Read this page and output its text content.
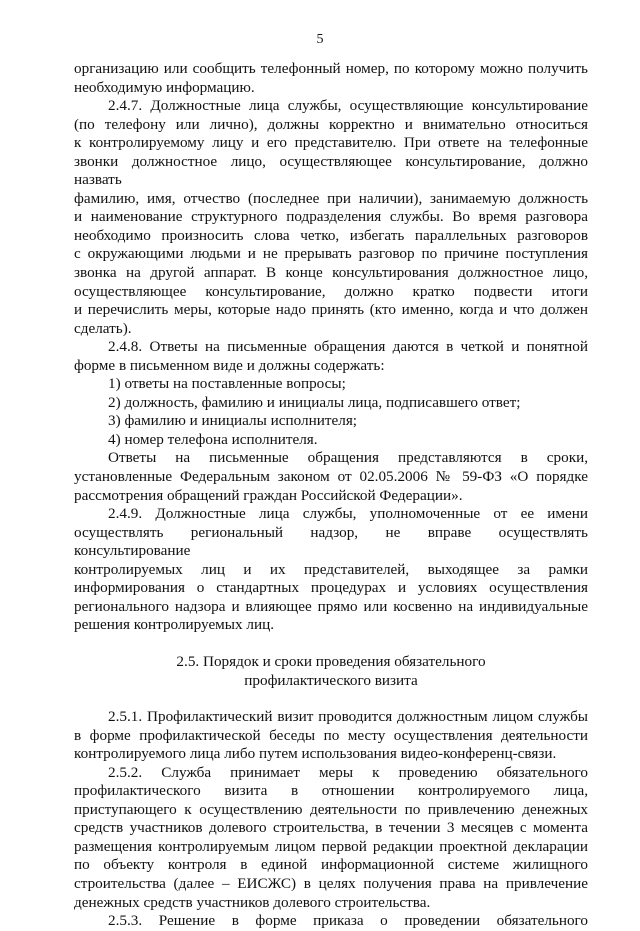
5
организацию или сообщить телефонный номер, по которому можно получить
необходимую информацию.
2.4.7. Должностные лица службы, осуществляющие консультирование
(по телефону или лично), должны корректно и внимательно относиться
к контролируемому лицу и его представителю. При ответе на телефонные
звонки должностное лицо, осуществляющее консультирование, должно назвать
фамилию, имя, отчество (последнее при наличии), занимаемую должность
и наименование структурного подразделения службы. Во время разговора
необходимо произносить слова четко, избегать параллельных разговоров
с окружающими людьми и не прерывать разговор по причине поступления
звонка на другой аппарат. В конце консультирования должностное лицо,
осуществляющее консультирование, должно кратко подвести итоги
и перечислить меры, которые надо принять (кто именно, когда и что должен
сделать).
2.4.8. Ответы на письменные обращения даются в четкой и понятной
форме в письменном виде и должны содержать:
1) ответы на поставленные вопросы;
2) должность, фамилию и инициалы лица, подписавшего ответ;
3) фамилию и инициалы исполнителя;
4) номер телефона исполнителя.
Ответы на письменные обращения представляются в сроки,
установленные Федеральным законом от 02.05.2006 № 59-ФЗ «О порядке
рассмотрения обращений граждан Российской Федерации».
2.4.9. Должностные лица службы, уполномоченные от ее имени
осуществлять региональный надзор, не вправе осуществлять консультирование
контролируемых лиц и их представителей, выходящее за рамки
информирования о стандартных процедурах и условиях осуществления
регионального надзора и влияющее прямо или косвенно на индивидуальные
решения контролируемых лиц.
2.5. Порядок и сроки проведения обязательного
профилактического визита
2.5.1. Профилактический визит проводится должностным лицом службы
в форме профилактической беседы по месту осуществления деятельности
контролируемого лица либо путем использования видео-конференц-связи.
2.5.2. Служба принимает меры к проведению обязательного
профилактического визита в отношении контролируемого лица,
приступающего к осуществлению деятельности по привлечению денежных
средств участников долевого строительства, в течении 3 месяцев с момента
размещения контролируемым лицом первой редакции проектной декларации
по объекту контроля в единой информационной системе жилищного
строительства (далее – ЕИСЖС) в целях получения права на привлечение
денежных средств участников долевого строительства.
2.5.3. Решение в форме приказа о проведении обязательного
